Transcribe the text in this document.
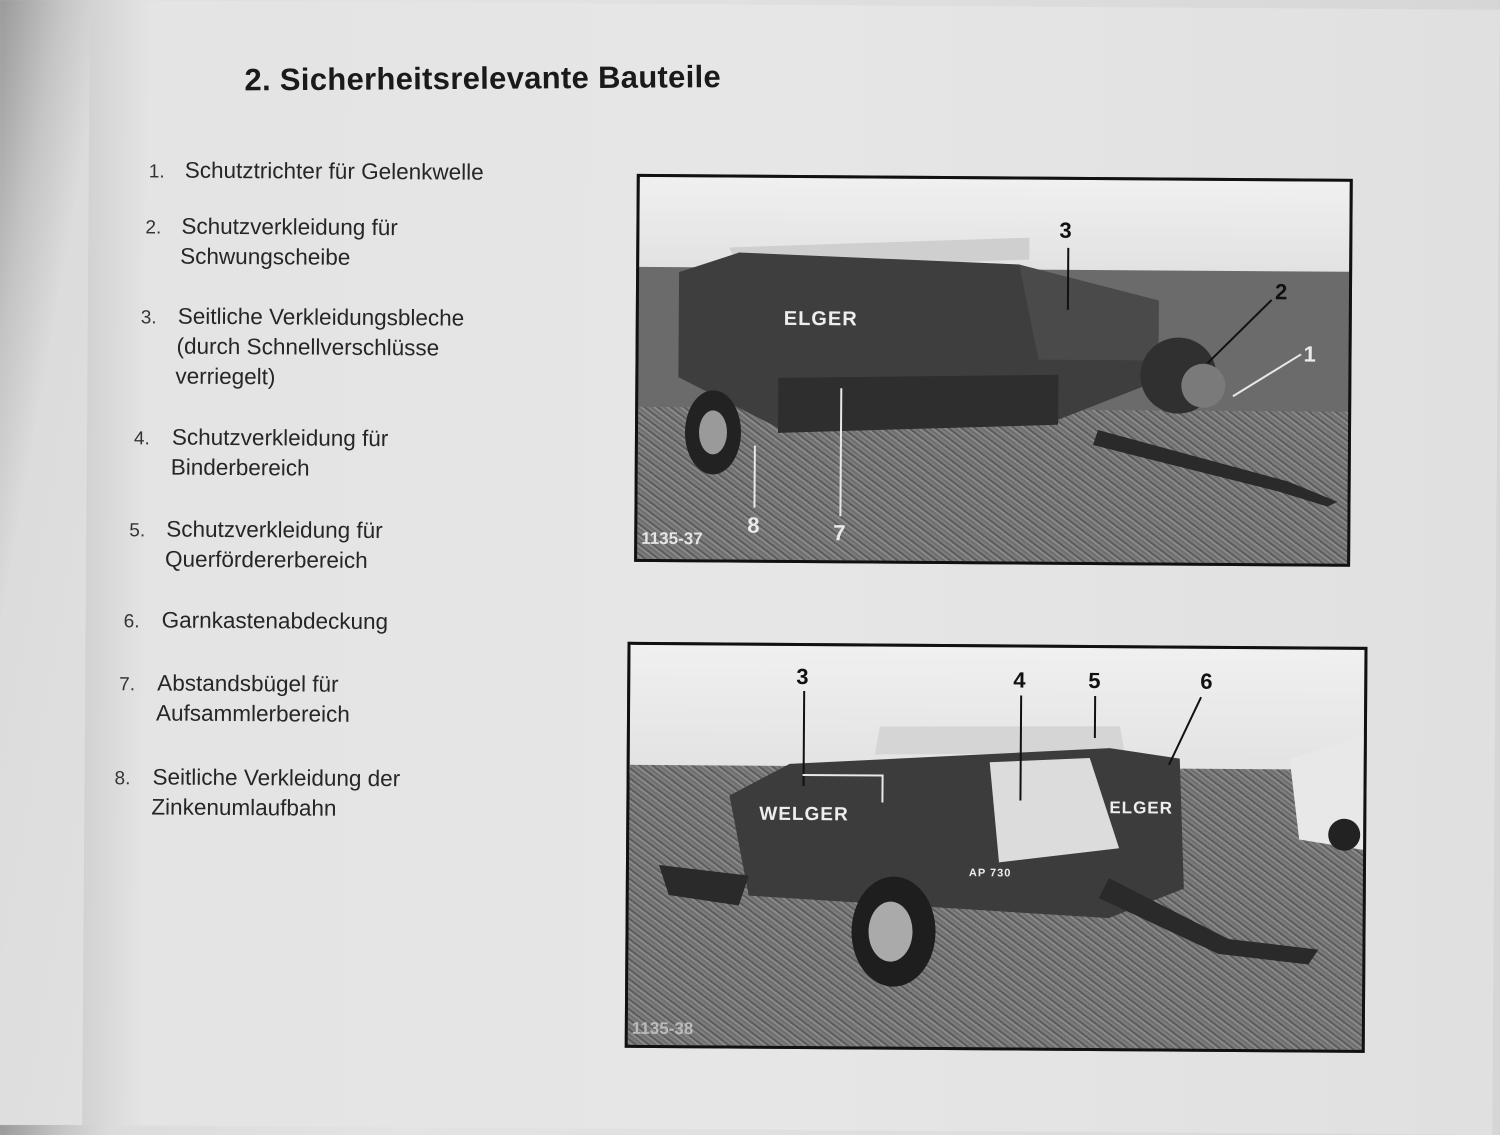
2. Sicherheitsrelevante Bauteile
1. Schutztrichter für Gelenkwelle
2. Schutzverkleidung für
Schwungscheibe
3. Seitliche Verkleidungsbleche
(durch Schnellverschlüsse
verriegelt)
4. Schutzverkleidung für
Binderbereich
5. Schutzverkleidung für
Querfördererbereich
6. Garnkastenabdeckung
7. Abstandsbügel für
Aufsammlerbereich
8. Seitliche Verkleidung der
Zinkenumlaufbahn
ELGER
3
2
1
8	7
1135-37
WELGER	ELGER
AP 730
3	4	5	6
1135-38
